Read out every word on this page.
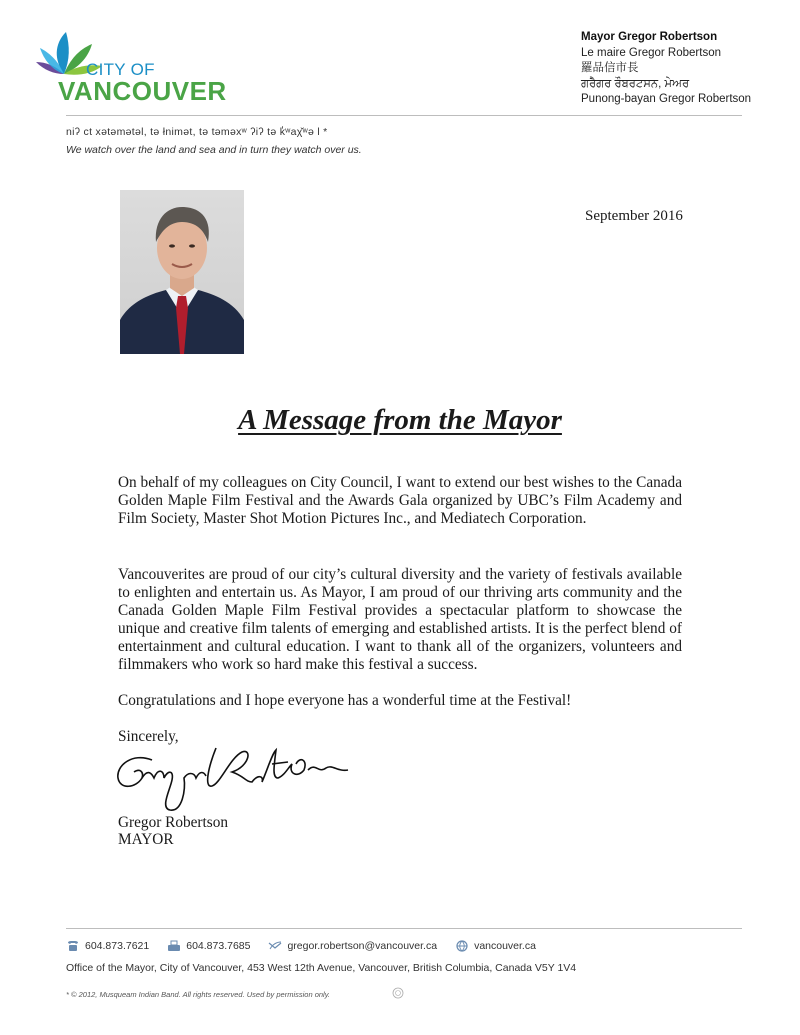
CITY OF
VANCOUVER
Mayor Gregor Robertson
Le maire Gregor Robertson
羅品信市長
ਗਰੈਗਰ ਰੌਬਰਟਸਨ, ਮੇਅਰ
Punong-bayan Gregor Robertson
niʔ ct xətəmətəl, tə łnimət, tə təməxʷ ʔiʔ tə k̓ʷaχ̌ʷə l *
We watch over the land and sea and in turn they watch over us.
September 2016
A Message from the Mayor

On behalf of my colleagues on City Council, I want to extend our best wishes to the Canada Golden Maple Film Festival and the Awards Gala organized by UBC’s Film Academy and Film Society, Master Shot Motion Pictures Inc., and Mediatech Corporation.

Vancouverites are proud of our city’s cultural diversity and the variety of festivals available to enlighten and entertain us. As Mayor, I am proud of our thriving arts community and the Canada Golden Maple Film Festival provides a spectacular platform to showcase the unique and creative film talents of emerging and established artists. It is the perfect blend of entertainment and cultural education. I want to thank all of the organizers, volunteers and filmmakers who work so hard make this festival a success.

Congratulations and I hope everyone has a wonderful time at the Festival!

Sincerely,
Gregor Robertson
MAYOR
604.873.7621	604.873.7685	gregor.robertson@vancouver.ca	vancouver.ca
Office of the Mayor, City of Vancouver, 453 West 12th Avenue, Vancouver, British Columbia, Canada V5Y 1V4
* © 2012, Musqueam Indian Band. All rights reserved. Used by permission only.
